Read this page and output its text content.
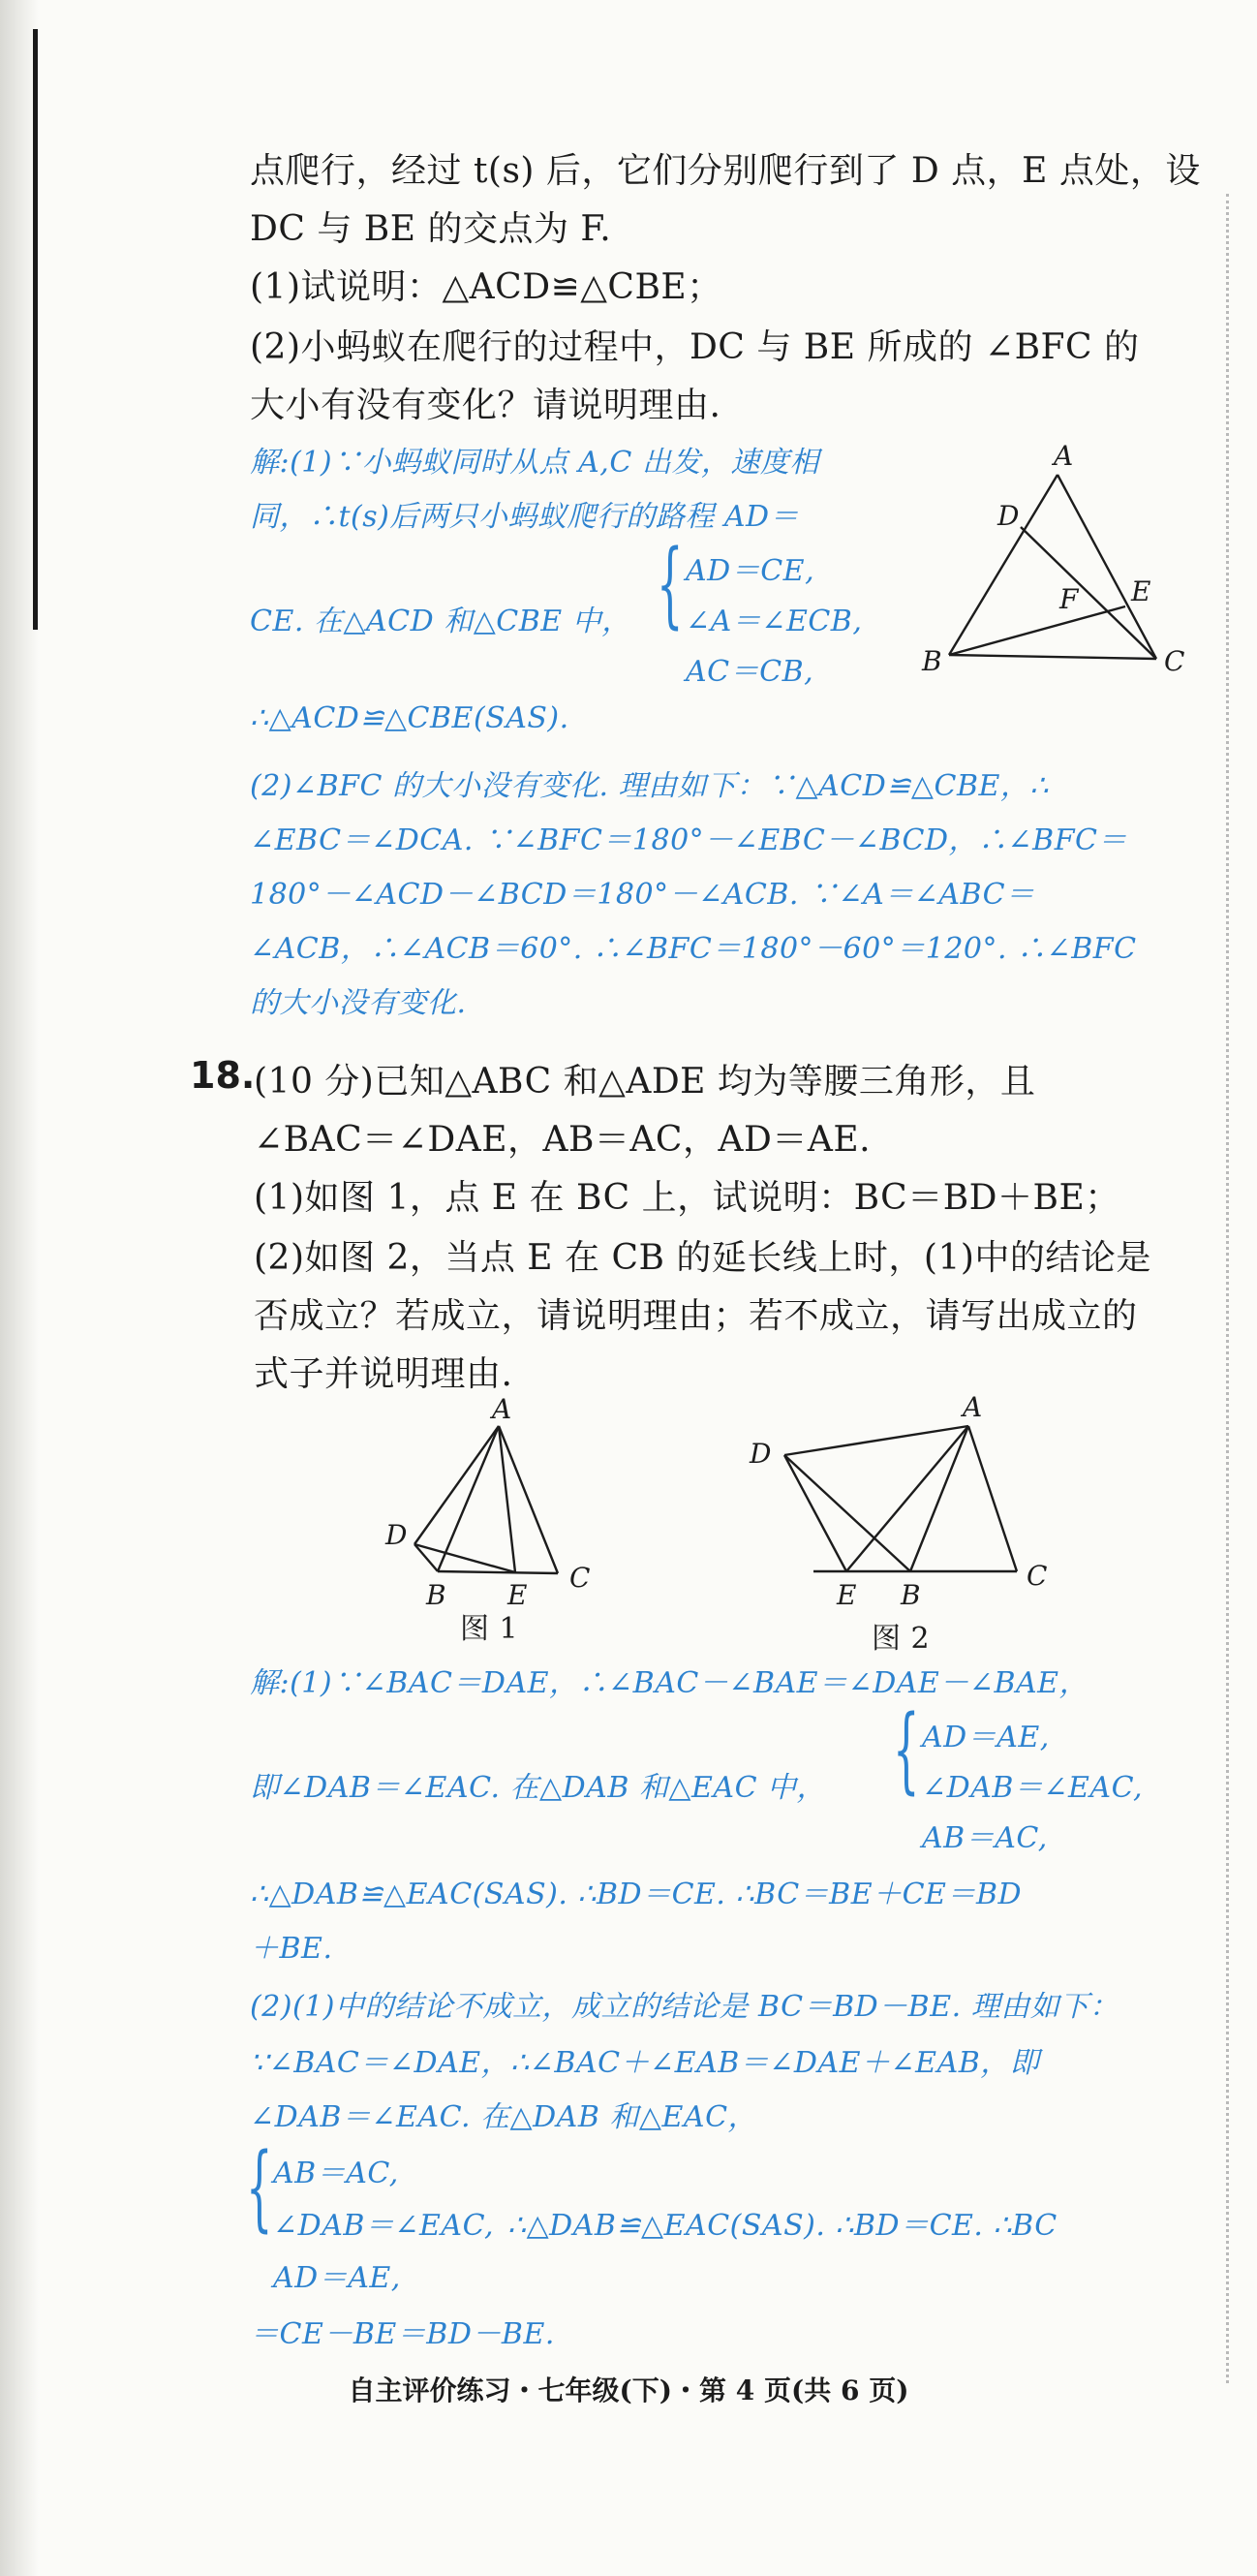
点爬行，经过 t(s) 后，它们分别爬行到了 D 点，E 点处，设
DC 与 BE 的交点为 F.
(1)试说明：△ACD≌△CBE；
(2)小蚂蚁在爬行的过程中，DC 与 BE 所成的 ∠BFC 的
大小有没有变化？请说明理由.
解:(1)∵小蚂蚁同时从点 A,C 出发，速度相
同，∴t(s)后两只小蚂蚁爬行的路程 AD＝
CE. 在△ACD 和△CBE 中， { AD＝CE,
∠A＝∠ECB,
AC＝CB,
∴△ACD≌△CBE(SAS).
A
D
E
F
B	C
(2)∠BFC 的大小没有变化. 理由如下：∵△ACD≌△CBE，∴
∠EBC＝∠DCA. ∵∠BFC＝180°－∠EBC－∠BCD，∴∠BFC＝
180°－∠ACD－∠BCD＝180°－∠ACB. ∵∠A＝∠ABC＝
∠ACB，∴∠ACB＝60°. ∴∠BFC＝180°－60°＝120°. ∴∠BFC
的大小没有变化.
18.
(10 分)已知△ABC 和△ADE 均为等腰三角形，且
∠BAC＝∠DAE，AB＝AC，AD＝AE.
(1)如图 1，点 E 在 BC 上，试说明：BC＝BD＋BE；
(2)如图 2，当点 E 在 CB 的延长线上时，(1)中的结论是
否成立？若成立，请说明理由；若不成立，请写出成立的
式子并说明理由.
A
D
B E
C
图 1
D
A
E B
C
图 2
解:(1)∵∠BAC＝DAE，∴∠BAC－∠BAE＝∠DAE－∠BAE，
即∠DAB＝∠EAC. 在△DAB 和△EAC 中， { AD＝AE,
∠DAB＝∠EAC,
AB＝AC,
∴△DAB≌△EAC(SAS). ∴BD＝CE. ∴BC＝BE＋CE＝BD
＋BE.
(2)(1)中的结论不成立，成立的结论是 BC＝BD－BE. 理由如下：
∵∠BAC＝∠DAE，∴∠BAC＋∠EAB＝∠DAE＋∠EAB，即
∠DAB＝∠EAC. 在△DAB 和△EAC，
{ AB＝AC,
∠DAB＝∠EAC, ∴△DAB≌△EAC(SAS). ∴BD＝CE. ∴BC
AD＝AE,
＝CE－BE＝BD－BE.
自主评价练习・七年级(下)・第 4 页(共 6 页)
